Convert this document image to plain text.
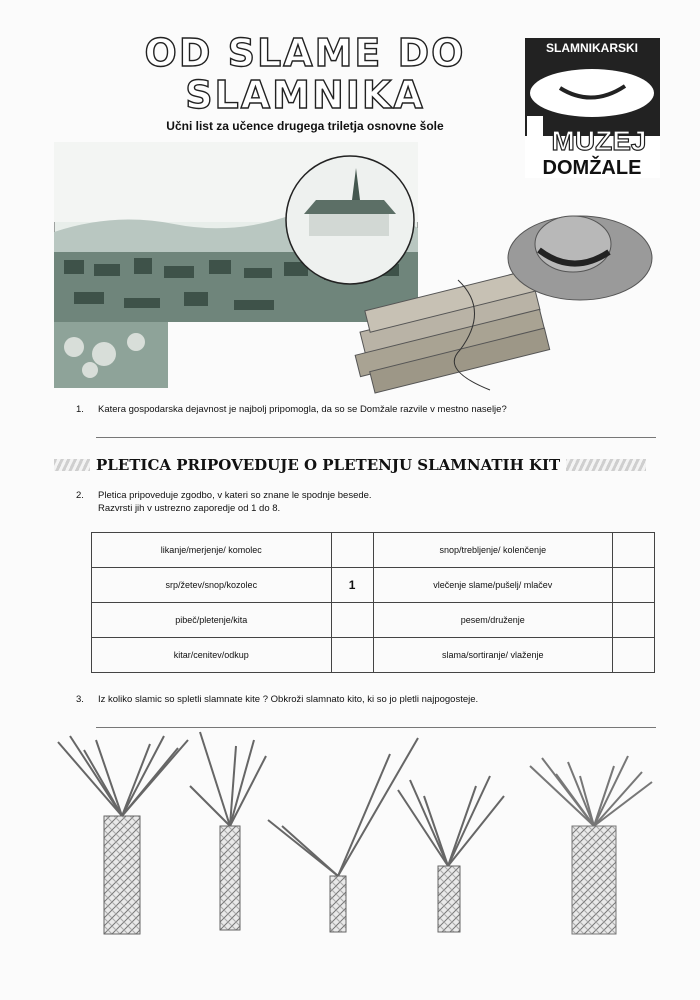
OD SLAME DO
SLAMNIKA
Učni list za učence drugega triletja osnovne šole
SLAMNIKARSKI
MUZEJ
DOMŽALE
1. Katera gospodarska dejavnost je najbolj pripomogla, da so se Domžale razvile v mestno naselje?
PLETICA PRIPOVEDUJE O PLETENJU SLAMNATIH KIT
2. Pletica pripoveduje zgodbo, v kateri so znane le spodnje besede.
Razvrsti jih v ustrezno zaporedje od 1 do 8.
likanje/merjenje/ komolec		snop/trebljenje/ kolenčenje	
srp/žetev/snop/kozolec	1	vlečenje slame/pušelj/ mlačev	
pibeč/pletenje/kita		pesem/druženje	
kitar/cenitev/odkup		slama/sortiranje/ vlaženje	
3. Iz koliko slamic so spletli slamnate kite ? Obkroži slamnato kito, ki so jo pletli najpogosteje.
